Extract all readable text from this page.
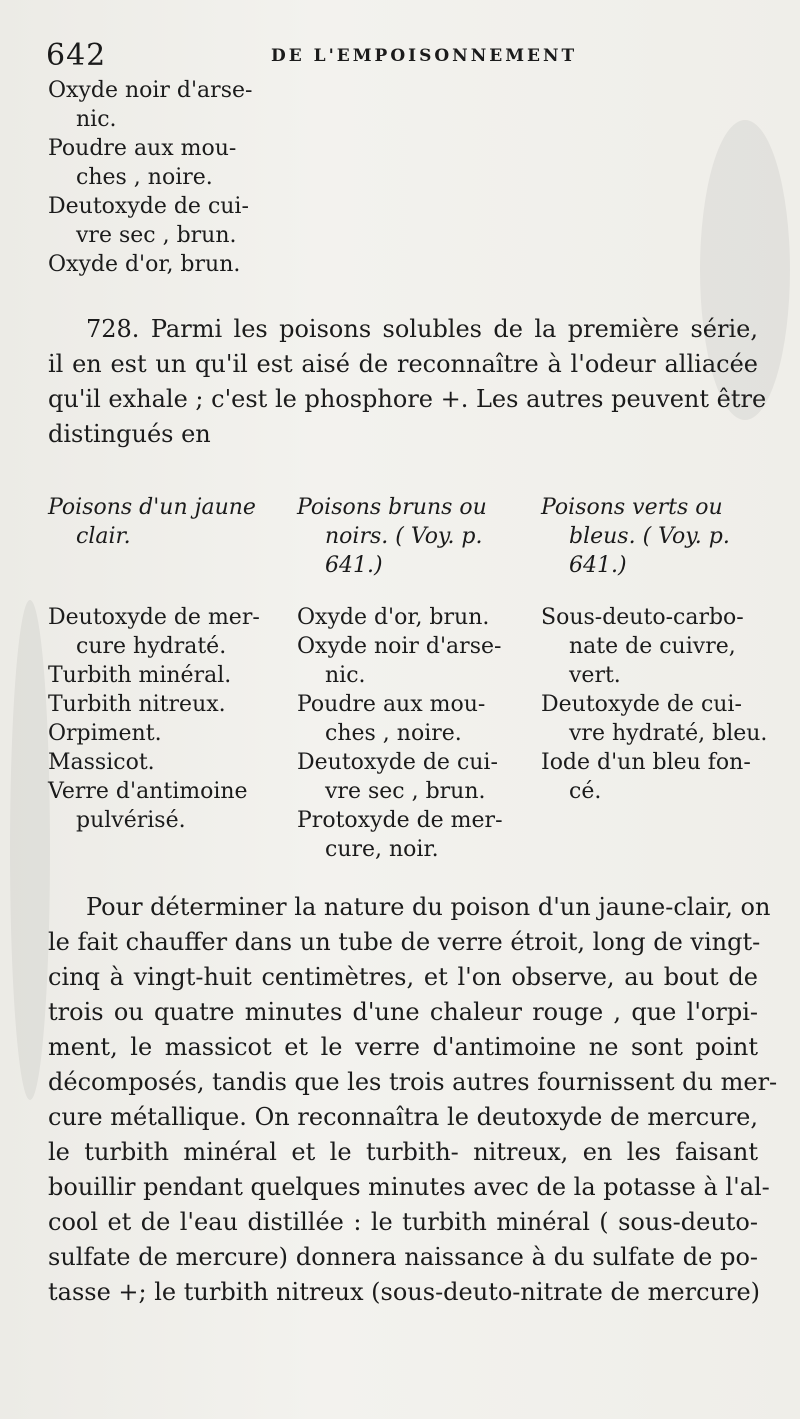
642	DE L'EMPOISONNEMENT
Oxyde noir d'arse-
nic.
Poudre aux mou-
ches , noire.
Deutoxyde de cui-
vre sec , brun.
Oxyde d'or, brun.
728. Parmi les poisons solubles de la première série,
il en est un qu'il est aisé de reconnaître à l'odeur alliacée
qu'il exhale ; c'est le phosphore +. Les autres peuvent être
distingués en
Poisons d'un jaune
clair.
Deutoxyde de mer-
cure hydraté.
Turbith minéral.
Turbith nitreux.
Orpiment.
Massicot.
Verre d'antimoine
pulvérisé.
Poisons bruns ou
noirs. ( Voy. p.
641.)
Oxyde d'or, brun.
Oxyde noir d'arse-
nic.
Poudre aux mou-
ches , noire.
Deutoxyde de cui-
vre sec , brun.
Protoxyde de mer-
cure, noir.
Poisons verts ou
bleus. ( Voy. p.
641.)
Sous-deuto-carbo-
nate de cuivre,
vert.
Deutoxyde de cui-
vre hydraté, bleu.
Iode d'un bleu fon-
cé.
Pour déterminer la nature du poison d'un jaune-clair, on
le fait chauffer dans un tube de verre étroit, long de vingt-
cinq à vingt-huit centimètres, et l'on observe, au bout de
trois ou quatre minutes d'une chaleur rouge , que l'orpi-
ment, le massicot et le verre d'antimoine ne sont point
décomposés, tandis que les trois autres fournissent du mer-
cure métallique. On reconnaîtra le deutoxyde de mercure,
le turbith minéral et le turbith- nitreux, en les faisant
bouillir pendant quelques minutes avec de la potasse à l'al-
cool et de l'eau distillée : le turbith minéral ( sous-deuto-
sulfate de mercure) donnera naissance à du sulfate de po-
tasse +; le turbith nitreux (sous-deuto-nitrate de mercure)
